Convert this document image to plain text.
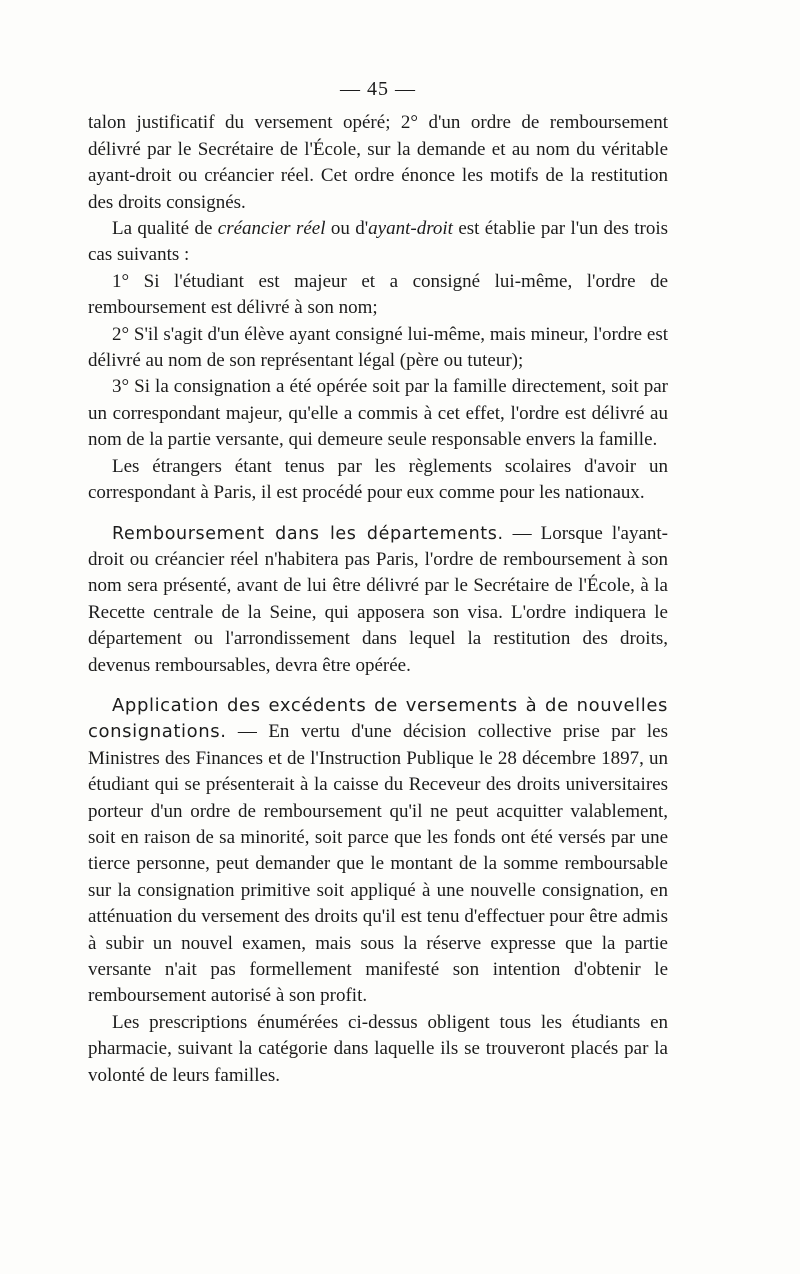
— 45 —

talon justificatif du versement opéré; 2° d'un ordre de remboursement délivré par le Secrétaire de l'École, sur la demande et au nom du véritable ayant-droit ou créancier réel. Cet ordre énonce les motifs de la restitution des droits consignés.

La qualité de créancier réel ou d'ayant-droit est établie par l'un des trois cas suivants :

1° Si l'étudiant est majeur et a consigné lui-même, l'ordre de remboursement est délivré à son nom;

2° S'il s'agit d'un élève ayant consigné lui-même, mais mineur, l'ordre est délivré au nom de son représentant légal (père ou tuteur);

3° Si la consignation a été opérée soit par la famille directement, soit par un correspondant majeur, qu'elle a commis à cet effet, l'ordre est délivré au nom de la partie versante, qui demeure seule responsable envers la famille.

Les étrangers étant tenus par les règlements scolaires d'avoir un correspondant à Paris, il est procédé pour eux comme pour les nationaux.

Remboursement dans les départements. — Lorsque l'ayant-droit ou créancier réel n'habitera pas Paris, l'ordre de remboursement à son nom sera présenté, avant de lui être délivré par le Secrétaire de l'École, à la Recette centrale de la Seine, qui apposera son visa. L'ordre indiquera le département ou l'arrondissement dans lequel la restitution des droits, devenus remboursables, devra être opérée.

Application des excédents de versements à de nouvelles consignations. — En vertu d'une décision collective prise par les Ministres des Finances et de l'Instruction Publique le 28 décembre 1897, un étudiant qui se présenterait à la caisse du Receveur des droits universitaires porteur d'un ordre de remboursement qu'il ne peut acquitter valablement, soit en raison de sa minorité, soit parce que les fonds ont été versés par une tierce personne, peut demander que le montant de la somme remboursable sur la consignation primitive soit appliqué à une nouvelle consignation, en atténuation du versement des droits qu'il est tenu d'effectuer pour être admis à subir un nouvel examen, mais sous la réserve expresse que la partie versante n'ait pas formellement manifesté son intention d'obtenir le remboursement autorisé à son profit.

Les prescriptions énumérées ci-dessus obligent tous les étudiants en pharmacie, suivant la catégorie dans laquelle ils se trouveront placés par la volonté de leurs familles.
